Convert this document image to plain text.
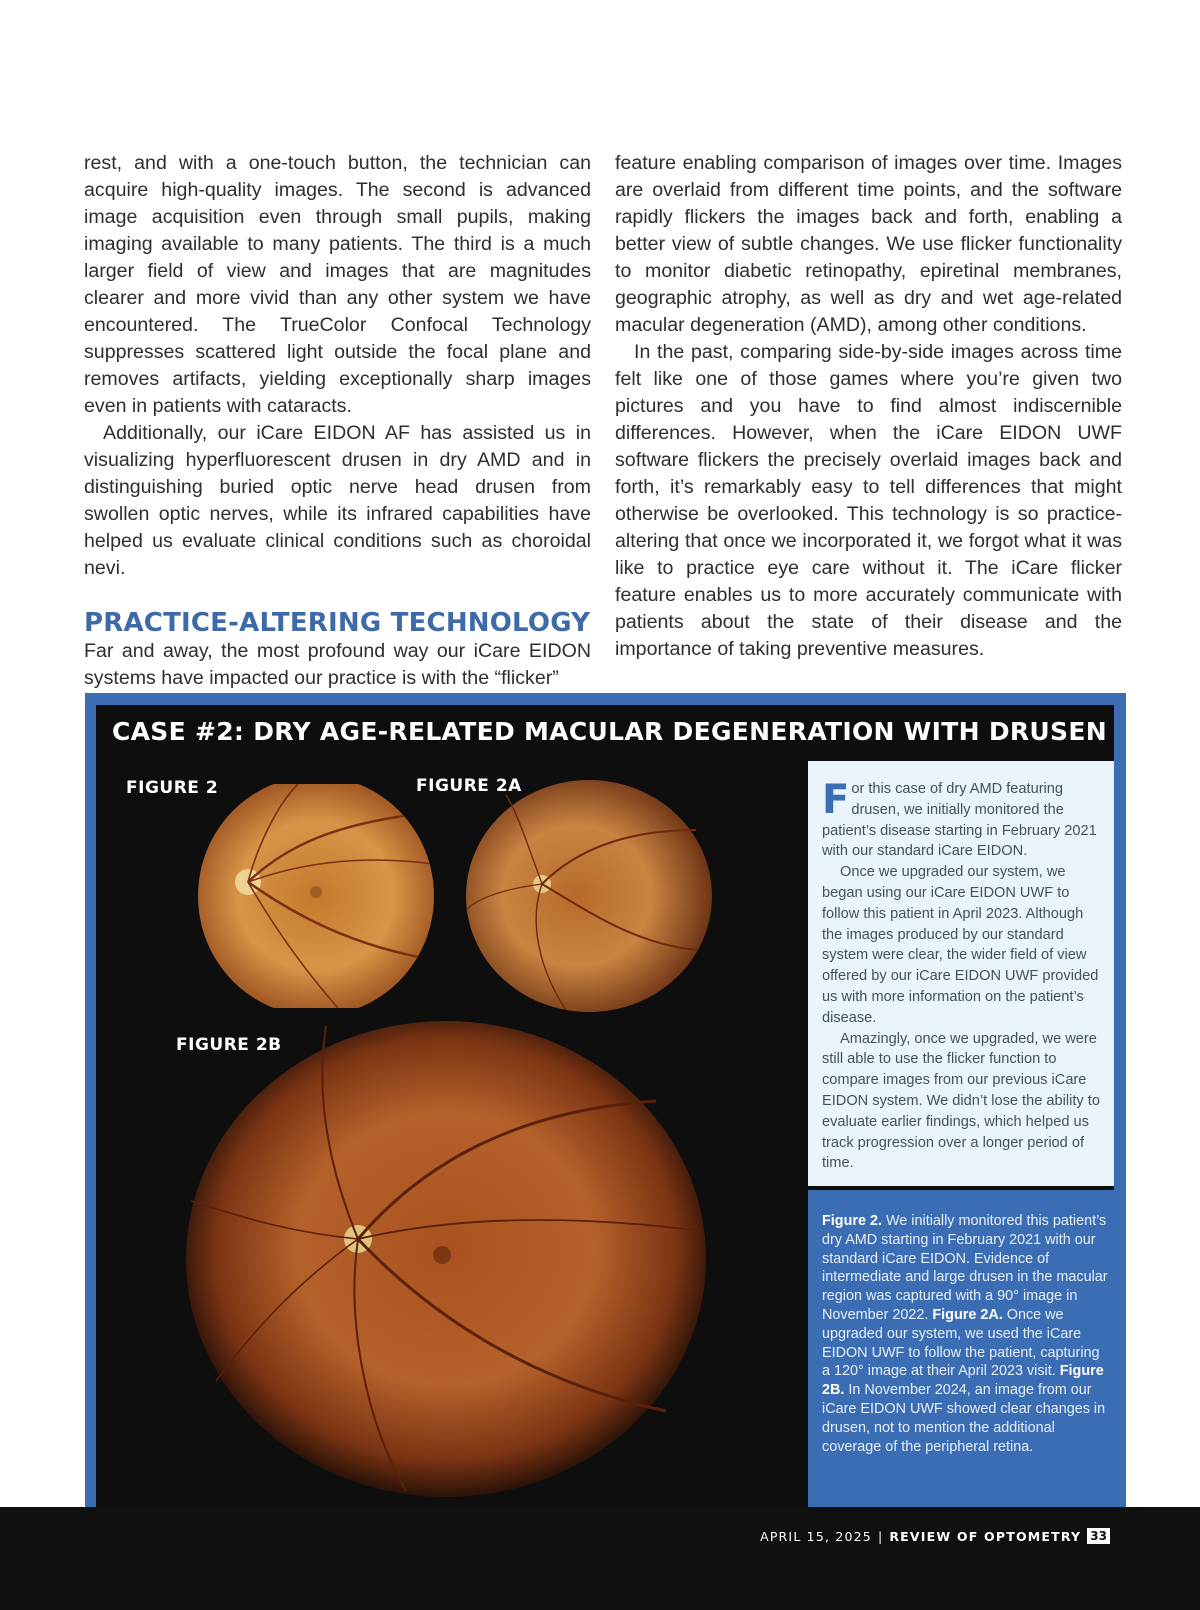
rest, and with a one-touch button, the technician can acquire high-quality images. The second is advanced image acquisition even through small pupils, making imaging available to many patients. The third is a much larger field of view and images that are magnitudes clearer and more vivid than any other system we have encountered. The TrueColor Confocal Technology suppresses scattered light outside the focal plane and removes artifacts, yielding exceptionally sharp images even in patients with cataracts.

Additionally, our iCare EIDON AF has assisted us in visualizing hyperfluorescent drusen in dry AMD and in distinguishing buried optic nerve head drusen from swollen optic nerves, while its infrared capabilities have helped us evaluate clinical conditions such as choroidal nevi.

PRACTICE-ALTERING TECHNOLOGY

Far and away, the most profound way our iCare EIDON systems have impacted our practice is with the “flicker”

feature enabling comparison of images over time. Images are overlaid from different time points, and the software rapidly flickers the images back and forth, enabling a better view of subtle changes. We use flicker functionality to monitor diabetic retinopathy, epiretinal membranes, geographic atrophy, as well as dry and wet age-related macular degeneration (AMD), among other conditions.

In the past, comparing side-by-side images across time felt like one of those games where you’re given two pictures and you have to find almost indiscernible differences. However, when the iCare EIDON UWF software flickers the precisely overlaid images back and forth, it’s remarkably easy to tell differences that might otherwise be overlooked. This technology is so practice-altering that once we incorporated it, we forgot what it was like to practice eye care without it. The iCare flicker feature enables us to more accurately communicate with patients about the state of their disease and the importance of taking preventive measures.

CASE #2: DRY AGE-RELATED MACULAR DEGENERATION WITH DRUSEN
FIGURE 2	FIGURE 2A
FIGURE 2B

For this case of dry AMD featuring drusen, we initially monitored the patient’s disease starting in February 2021 with our standard iCare EIDON.

Once we upgraded our system, we began using our iCare EIDON UWF to follow this patient in April 2023. Although the images produced by our standard system were clear, the wider field of view offered by our iCare EIDON UWF provided us with more information on the patient’s disease.

Amazingly, once we upgraded, we were still able to use the flicker function to compare images from our previous iCare EIDON system. We didn’t lose the ability to evaluate earlier findings, which helped us track progression over a longer period of time.

Figure 2. We initially monitored this patient’s dry AMD starting in February 2021 with our standard iCare EIDON. Evidence of intermediate and large drusen in the macular region was captured with a 90° image in November 2022. Figure 2A. Once we upgraded our system, we used the iCare EIDON UWF to follow the patient, capturing a 120° image at their April 2023 visit. Figure 2B. In November 2024, an image from our iCare EIDON UWF showed clear changes in drusen, not to mention the additional coverage of the peripheral retina.
APRIL 15, 2025 | REVIEW OF OPTOMETRY 33
